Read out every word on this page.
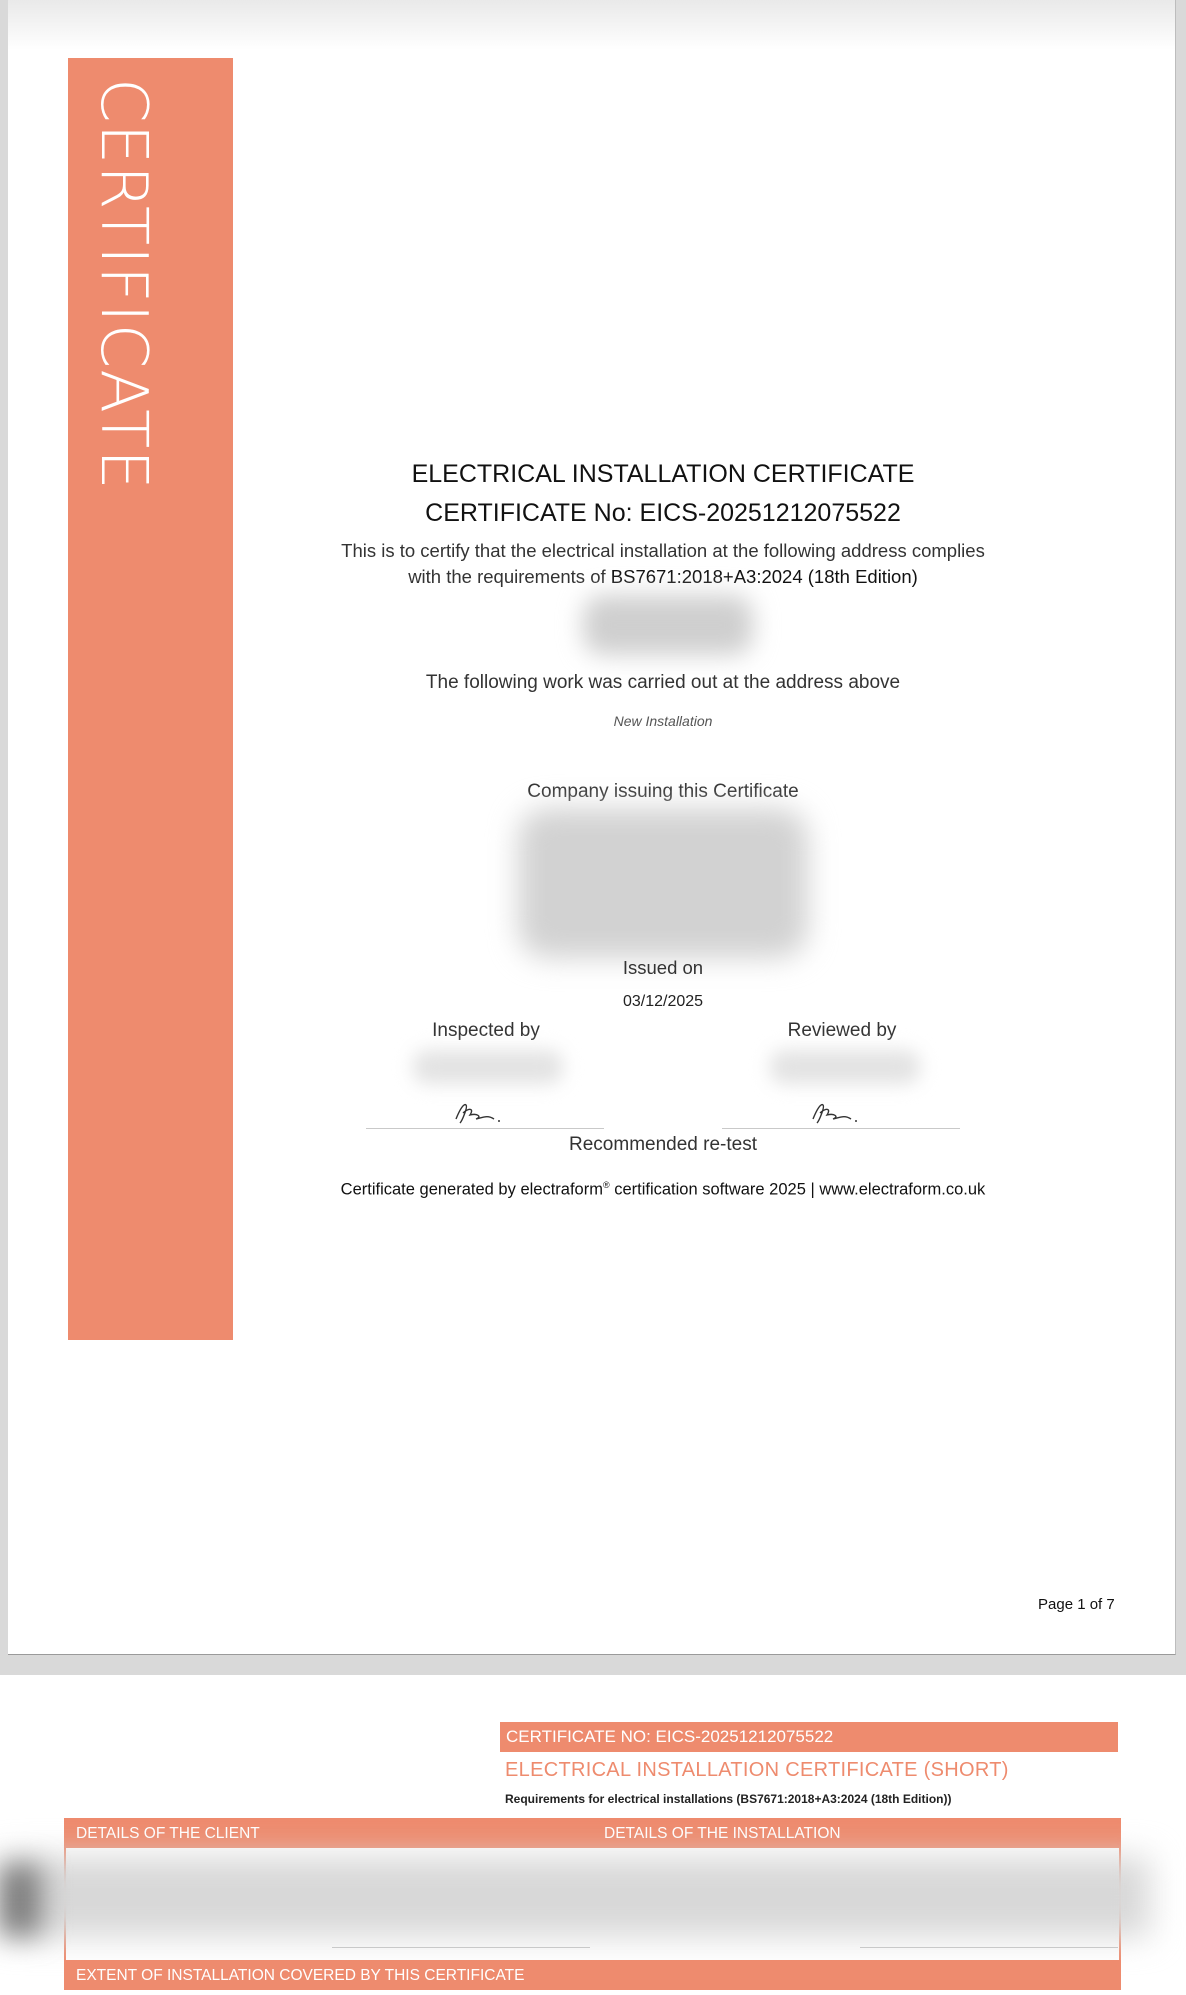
CERTIFICATE	ELECTRICAL INSTALLATION CERTIFICATE
CERTIFICATE No: EICS-20251212075522
This is to certify that the electrical installation at the following address complies
with the requirements of BS7671:2018+A3:2024 (18th Edition)
The following work was carried out at the address above
New Installation
Company issuing this Certificate
Issued on
03/12/2025
Inspected by	Reviewed by
Recommended re-test
Certificate generated by electraform® certification software 2025 | www.electraform.co.uk
Page 1 of 7
CERTIFICATE NO: EICS-20251212075522
ELECTRICAL INSTALLATION CERTIFICATE (SHORT)
Requirements for electrical installations (BS7671:2018+A3:2024 (18th Edition))
DETAILS OF THE CLIENT	DETAILS OF THE INSTALLATION
EXTENT OF INSTALLATION COVERED BY THIS CERTIFICATE
